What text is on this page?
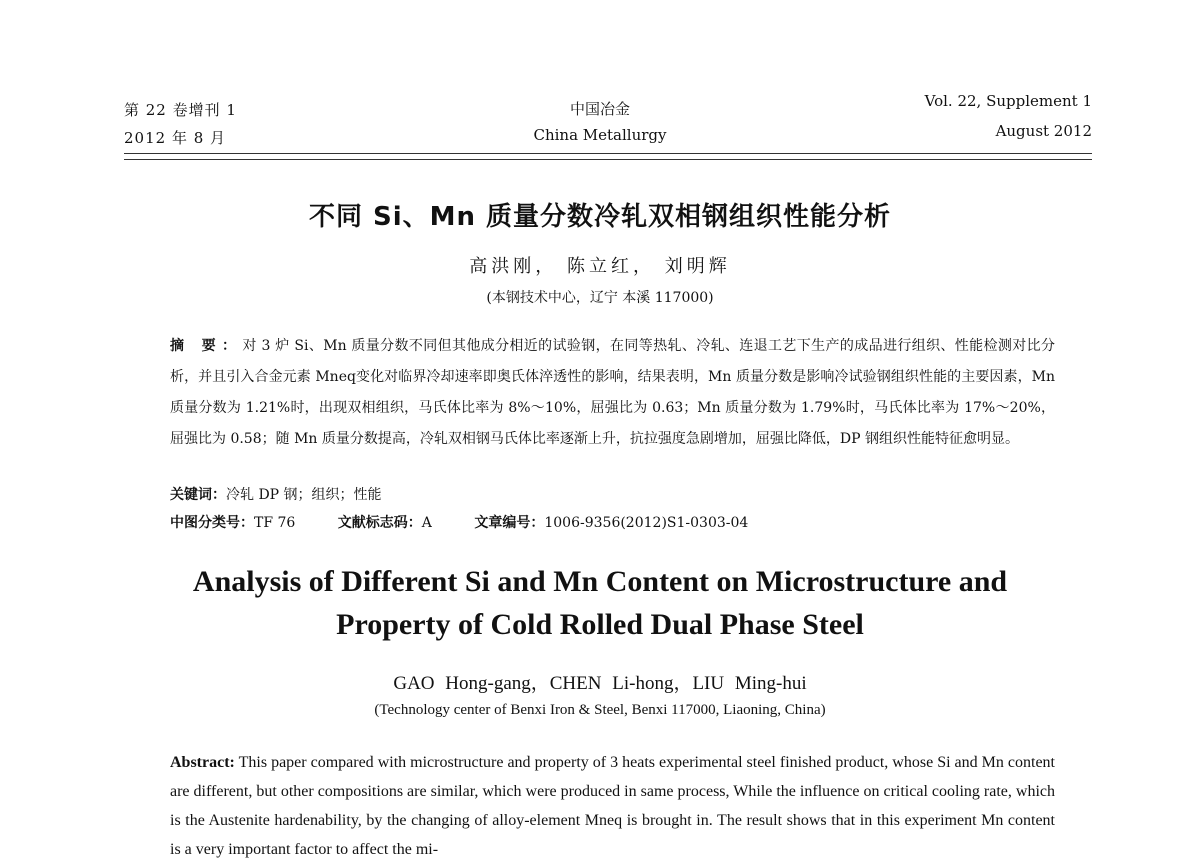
第 22 卷增刊 1
2012 年 8 月
中国冶金
China Metallurgy
Vol. 22, Supplement 1
August 2012
不同 Si、Mn 质量分数冷轧双相钢组织性能分析
高洪刚， 陈立红， 刘明辉
(本钢技术中心，辽宁 本溪 117000)
摘 要：对 3 炉 Si、Mn 质量分数不同但其他成分相近的试验钢，在同等热轧、冷轧、连退工艺下生产的成品进行组织、性能检测对比分析，并且引入合金元素 Mneq变化对临界冷却速率即奥氏体淬透性的影响，结果表明，Mn 质量分数是影响冷试验钢组织性能的主要因素，Mn 质量分数为 1.21%时，出现双相组织，马氏体比率为 8%～10%，屈强比为 0.63；Mn 质量分数为 1.79%时，马氏体比率为 17%～20%，屈强比为 0.58；随 Mn 质量分数提高，冷轧双相钢马氏体比率逐渐上升，抗拉强度急剧增加，屈强比降低，DP 钢组织性能特征愈明显。
关键词：冷轧 DP 钢；组织；性能
中图分类号：TF 76	文献标志码：A	文章编号：1006-9356(2012)S1-0303-04
Analysis of Different Si and Mn Content on Microstructure and
Property of Cold Rolled Dual Phase Steel
GAO Hong-gang，CHEN Li-hong，LIU Ming-hui
(Technology center of Benxi Iron & Steel, Benxi 117000, Liaoning, China)
Abstract: This paper compared with microstructure and property of 3 heats experimental steel finished product, whose Si and Mn content are different, but other compositions are similar, which were produced in same process, While the influence on critical cooling rate, which is the Austenite hardenability, by the changing of alloy-element Mneq is brought in. The result shows that in this experiment Mn content is a very important factor to affect the mi-
